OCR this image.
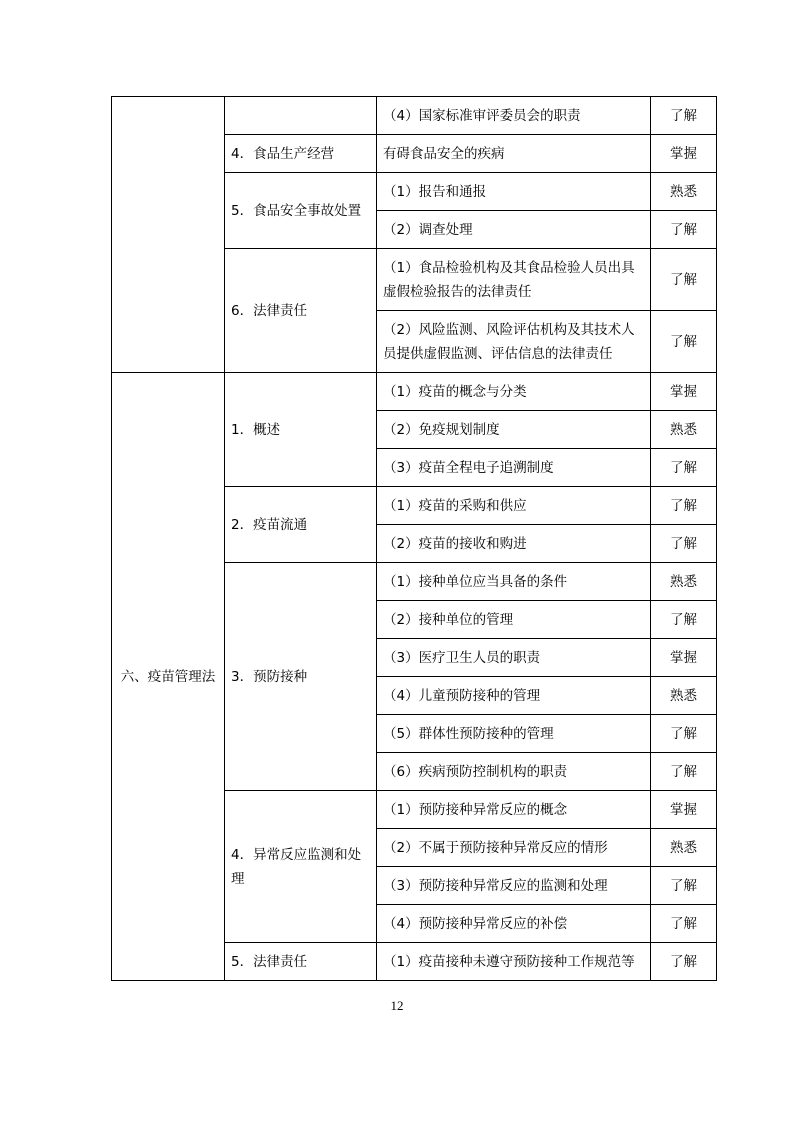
		（4）国家标准审评委员会的职责	了解
	4．食品生产经营	有碍食品安全的疾病	掌握
	5．食品安全事故处置	（1）报告和通报	熟悉
		（2）调查处理	了解
	6．法律责任	（1）食品检验机构及其食品检验人员出具虚假检验报告的法律责任	了解
		（2）风险监测、风险评估机构及其技术人员提供虚假监测、评估信息的法律责任	了解

六、疫苗管理法	1．概述	（1）疫苗的概念与分类	掌握
		（2）免疫规划制度	熟悉
		（3）疫苗全程电子追溯制度	了解
	2．疫苗流通	（1）疫苗的采购和供应	了解
		（2）疫苗的接收和购进	了解
	3．预防接种	（1）接种单位应当具备的条件	熟悉
		（2）接种单位的管理	了解
		（3）医疗卫生人员的职责	掌握
		（4）儿童预防接种的管理	熟悉
		（5）群体性预防接种的管理	了解
		（6）疾病预防控制机构的职责	了解
	4．异常反应监测和处理	（1）预防接种异常反应的概念	掌握
		（2）不属于预防接种异常反应的情形	熟悉
		（3）预防接种异常反应的监测和处理	了解
		（4）预防接种异常反应的补偿	了解
	5．法律责任	（1）疫苗接种未遵守预防接种工作规范等	了解
12
